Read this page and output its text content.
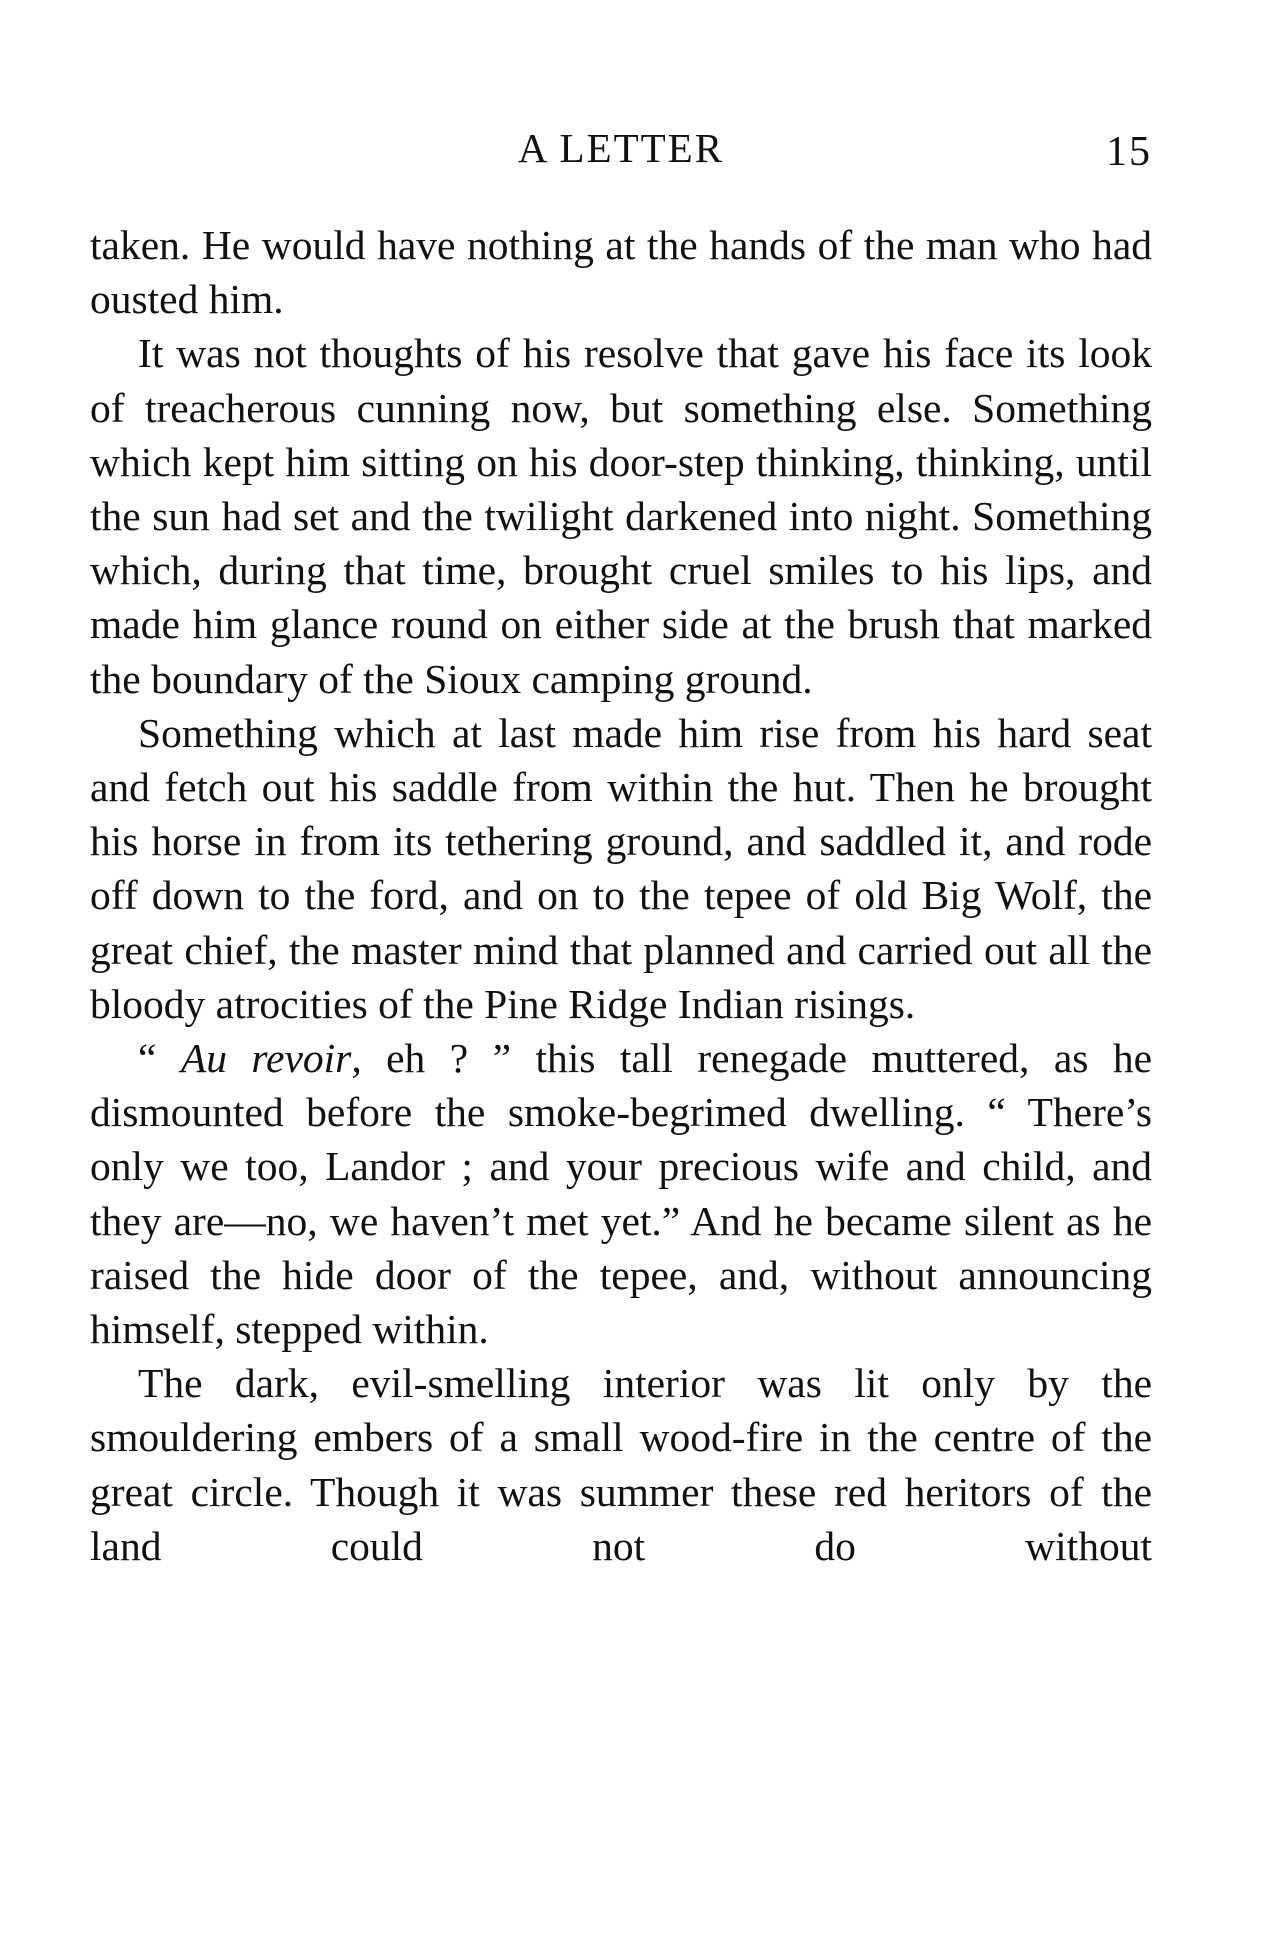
A LETTER	15

taken. He would have nothing at the hands of the man who had ousted him.

It was not thoughts of his resolve that gave his face its look of treacherous cunning now, but something else. Something which kept him sitting on his door-step thinking, thinking, until the sun had set and the twilight darkened into night. Something which, during that time, brought cruel smiles to his lips, and made him glance round on either side at the brush that marked the boundary of the Sioux camping ground.

Something which at last made him rise from his hard seat and fetch out his saddle from within the hut. Then he brought his horse in from its tethering ground, and saddled it, and rode off down to the ford, and on to the tepee of old Big Wolf, the great chief, the master mind that planned and carried out all the bloody atrocities of the Pine Ridge Indian risings.

“ Au revoir, eh ? ” this tall renegade muttered, as he dismounted before the smoke-begrimed dwelling. “ There’s only we too, Landor ; and your precious wife and child, and they are—no, we haven’t met yet.” And he became silent as he raised the hide door of the tepee, and, without announcing himself, stepped within.

The dark, evil-smelling interior was lit only by the smouldering embers of a small wood-fire in the centre of the great circle. Though it was summer these red heritors of the land could not do without
